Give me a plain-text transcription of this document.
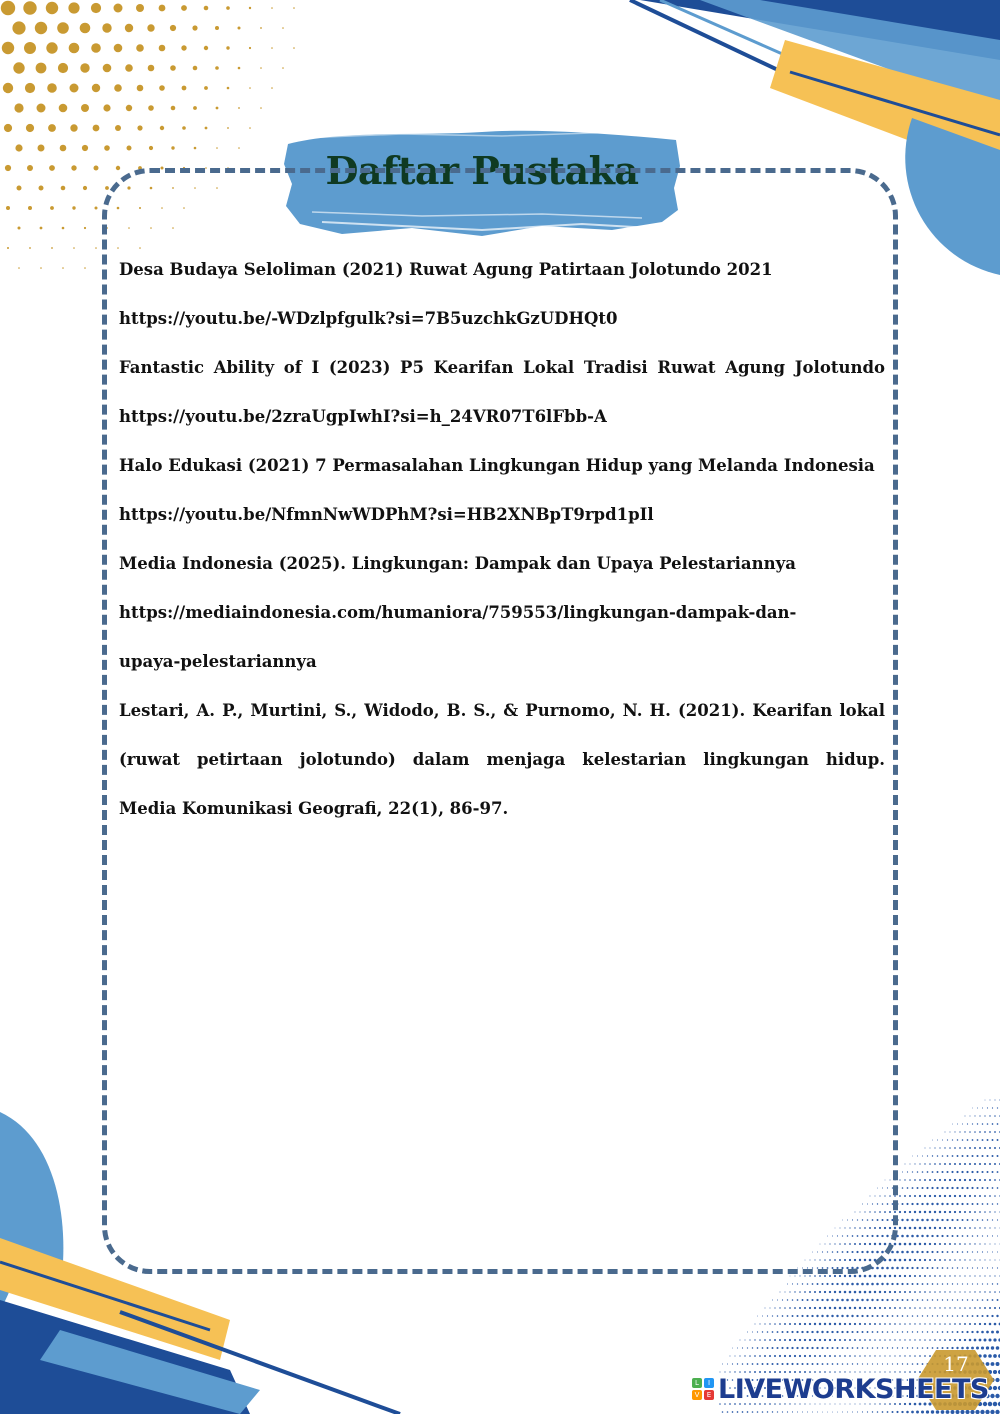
Daftar Pustaka
Desa Budaya Seloliman (2021) Ruwat Agung Patirtaan Jolotundo 2021
https://youtu.be/-WDzlpfgulk?si=7B5uzchkGzUDHQt0
Fantastic Ability of I (2023) P5 Kearifan Lokal Tradisi Ruwat Agung Jolotundo
https://youtu.be/2zraUgpIwhI?si=h_24VR07T6lFbb-A
Halo Edukasi (2021) 7 Permasalahan Lingkungan Hidup yang Melanda Indonesia
https://youtu.be/NfmnNwWDPhM?si=HB2XNBpT9rpd1pIl
Media Indonesia (2025). Lingkungan: Dampak dan Upaya Pelestariannya
https://mediaindonesia.com/humaniora/759553/lingkungan-dampak-dan-
upaya-pelestariannya
Lestari, A. P., Murtini, S., Widodo, B. S., & Purnomo, N. H. (2021). Kearifan lokal
(ruwat petirtaan jolotundo) dalam menjaga kelestarian lingkungan hidup.
Media Komunikasi Geografi, 22(1), 86-97.
17
L	I
V	E LIVEWORKSHEETS
